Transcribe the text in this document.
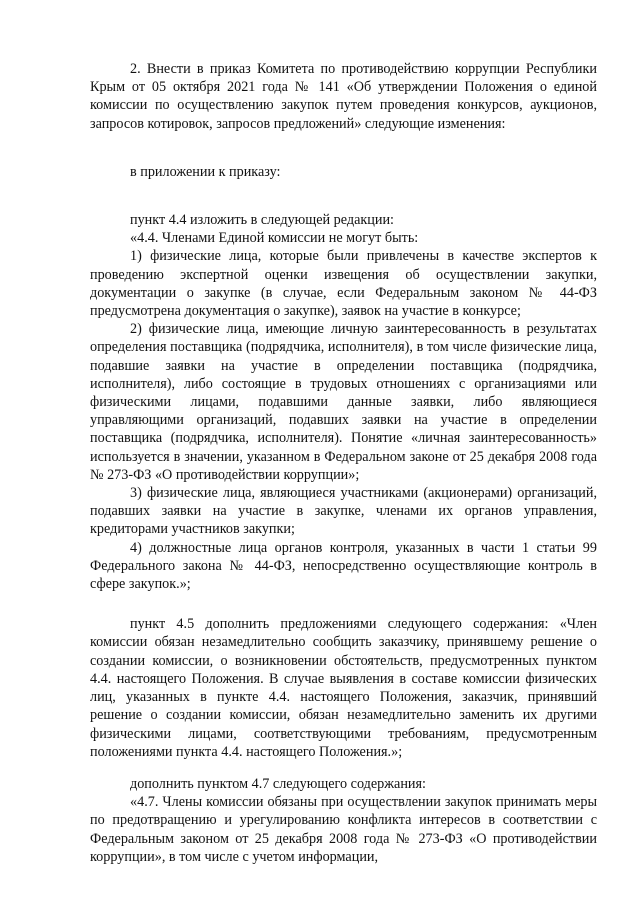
2. Внести в приказ Комитета по противодействию коррупции Республики Крым от 05 октября 2021 года № 141 «Об утверждении Положения о единой комиссии по осуществлению закупок путем проведения конкурсов, аукционов, запросов котировок, запросов предложений» следующие изменения:

в приложении к приказу:

пункт 4.4 изложить в следующей редакции:

«4.4. Членами Единой комиссии не могут быть:

1) физические лица, которые были привлечены в качестве экспертов к проведению экспертной оценки извещения об осуществлении закупки, документации о закупке (в случае, если Федеральным законом № 44-ФЗ предусмотрена документация о закупке), заявок на участие в конкурсе;

2) физические лица, имеющие личную заинтересованность в результатах определения поставщика (подрядчика, исполнителя), в том числе физические лица, подавшие заявки на участие в определении поставщика (подрядчика, исполнителя), либо состоящие в трудовых отношениях с организациями или физическими лицами, подавшими данные заявки, либо являющиеся управляющими организаций, подавших заявки на участие в определении поставщика (подрядчика, исполнителя). Понятие «личная заинтересованность» используется в значении, указанном в Федеральном законе от 25 декабря 2008 года № 273-ФЗ «О противодействии коррупции»;

3) физические лица, являющиеся участниками (акционерами) организаций, подавших заявки на участие в закупке, членами их органов управления, кредиторами участников закупки;

4) должностные лица органов контроля, указанных в части 1 статьи 99 Федерального закона № 44-ФЗ, непосредственно осуществляющие контроль в сфере закупок.»;

пункт 4.5 дополнить предложениями следующего содержания: «Член комиссии обязан незамедлительно сообщить заказчику, принявшему решение о создании комиссии, о возникновении обстоятельств, предусмотренных пунктом 4.4. настоящего Положения. В случае выявления в составе комиссии физических лиц, указанных в пункте 4.4. настоящего Положения, заказчик, принявший решение о создании комиссии, обязан незамедлительно заменить их другими физическими лицами, соответствующими требованиям, предусмотренным положениями пункта 4.4. настоящего Положения.»;

дополнить пунктом 4.7 следующего содержания:

«4.7. Члены комиссии обязаны при осуществлении закупок принимать меры по предотвращению и урегулированию конфликта интересов в соответствии с Федеральным законом от 25 декабря 2008 года № 273-ФЗ «О противодействии коррупции», в том числе с учетом информации,
